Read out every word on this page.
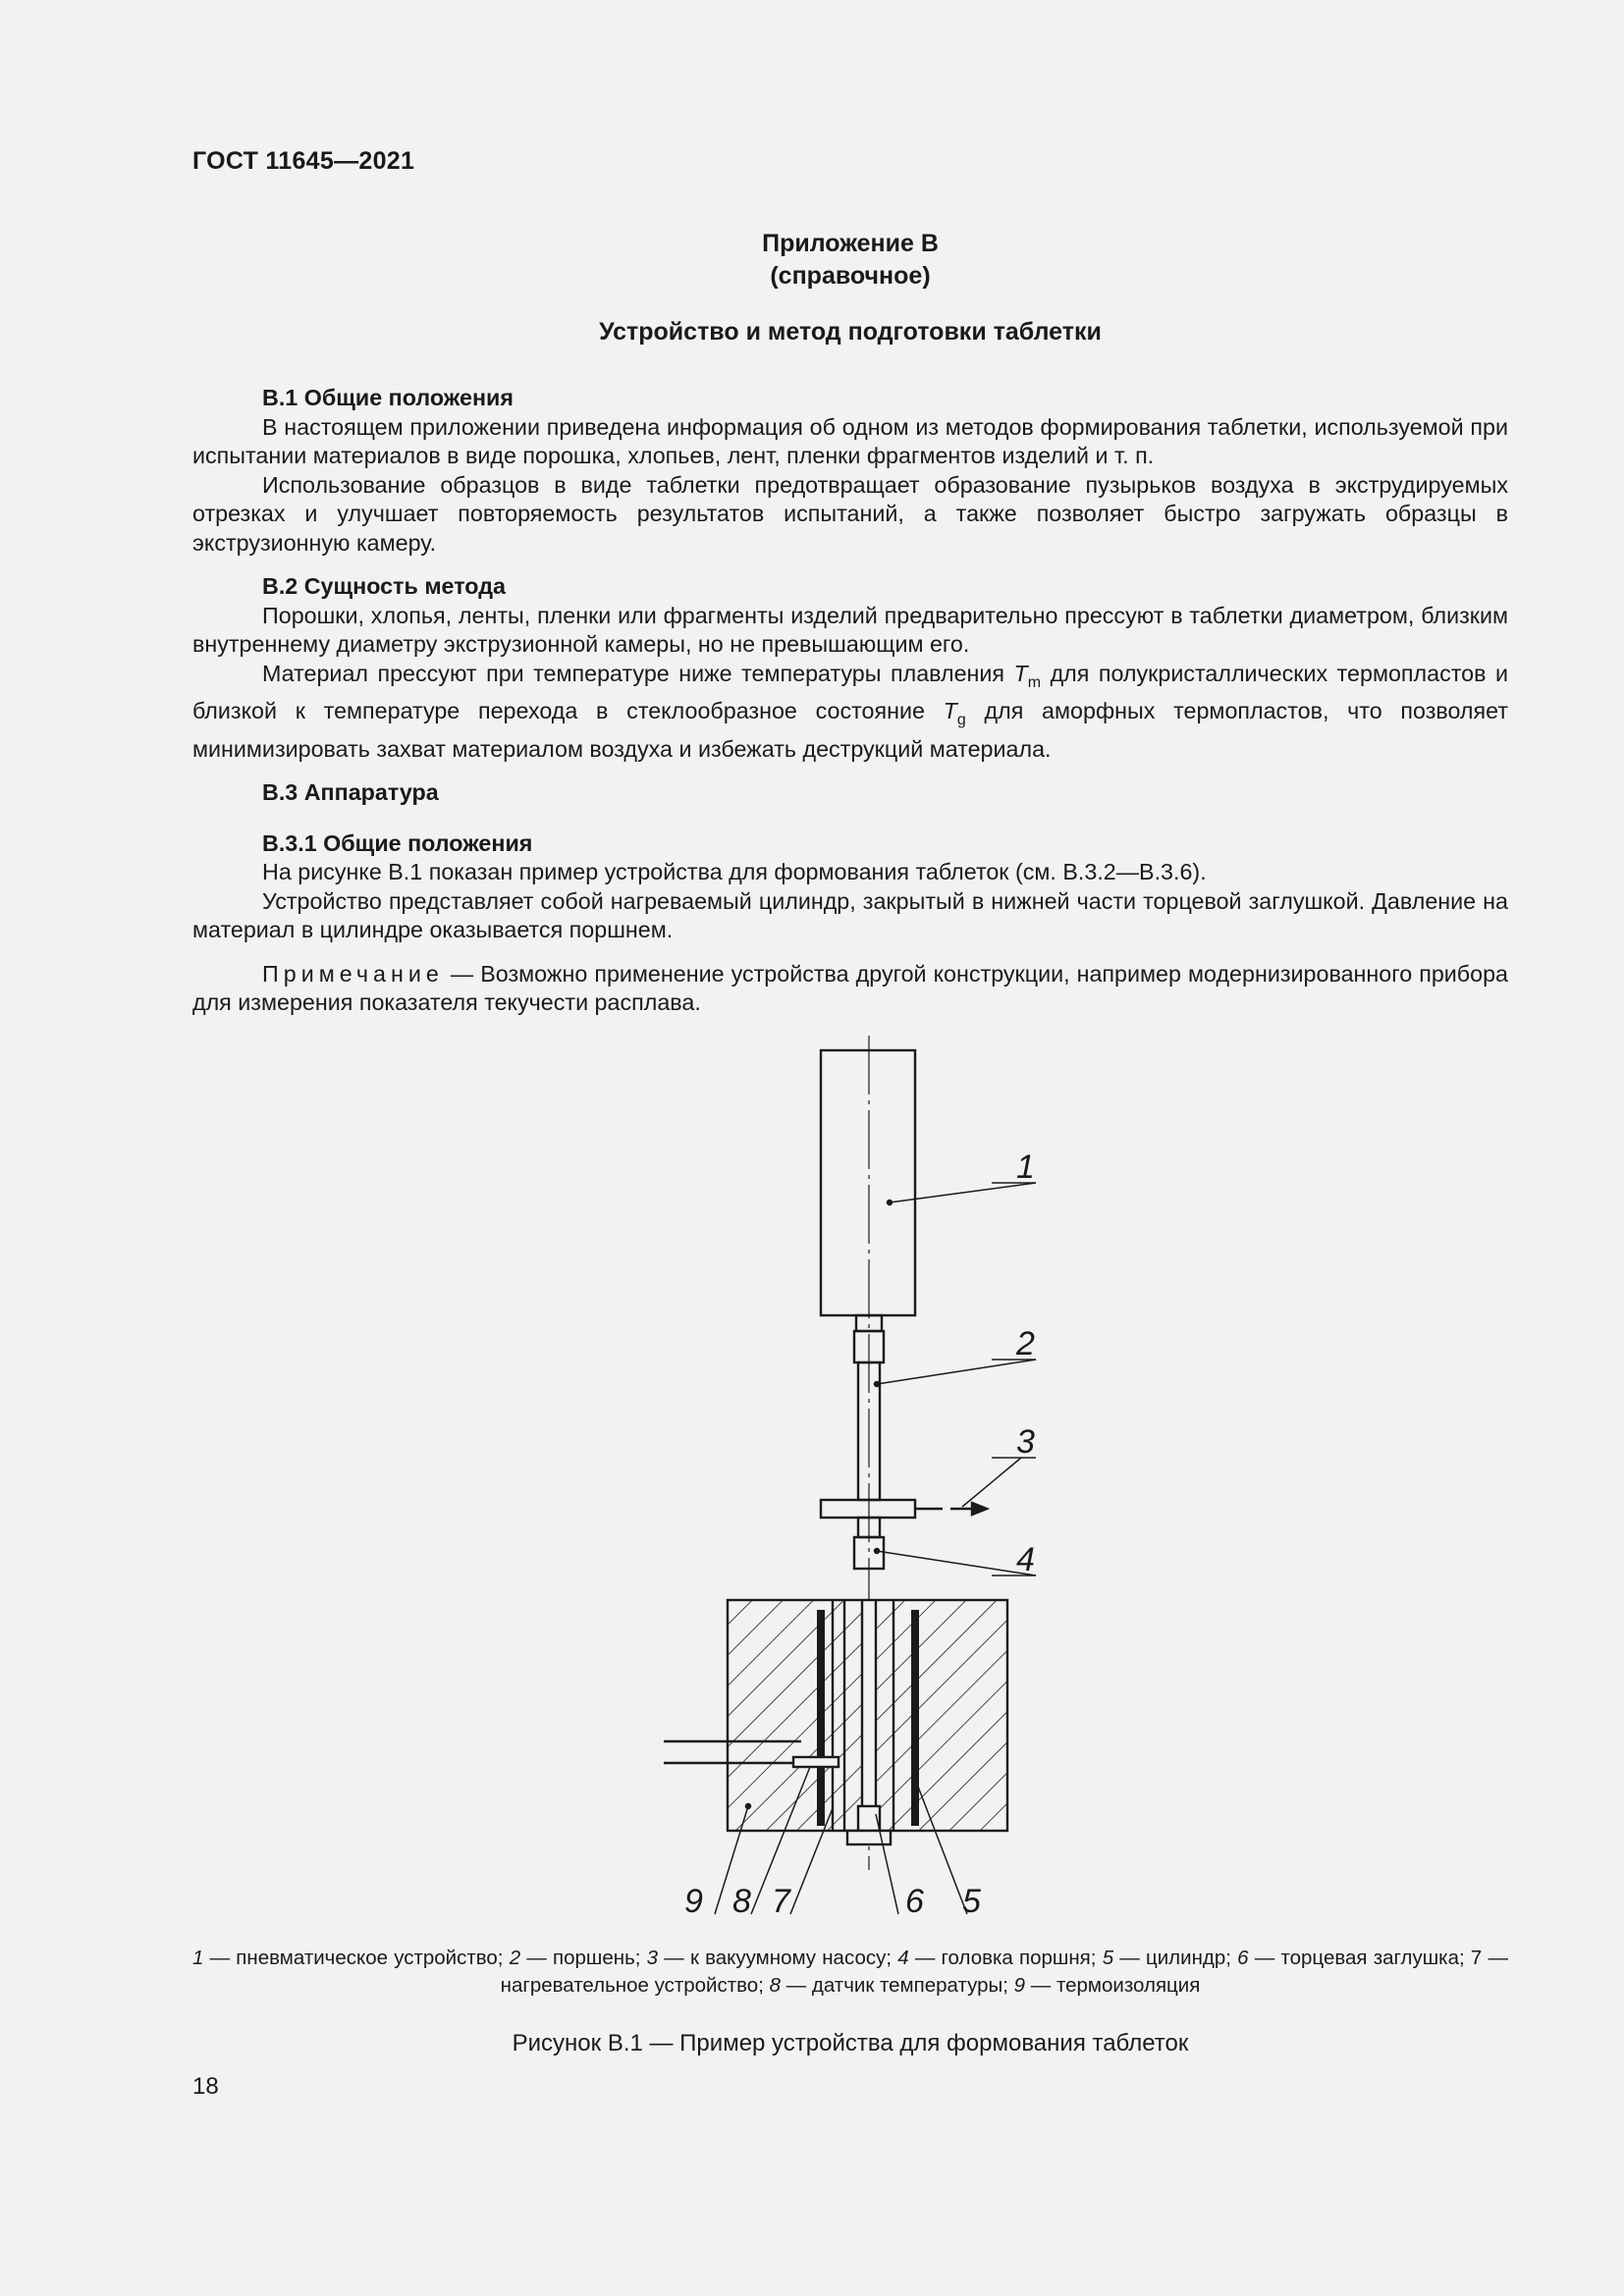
ГОСТ 11645—2021
Приложение В
(справочное)
Устройство и метод подготовки таблетки
В.1 Общие положения

В настоящем приложении приведена информация об одном из методов формирования таблетки, используемой при испытании материалов в виде порошка, хлопьев, лент, пленки фрагментов изделий и т. п.

Использование образцов в виде таблетки предотвращает образование пузырьков воздуха в экструдируемых отрезках и улучшает повторяемость результатов испытаний, а также позволяет быстро загружать образцы в экструзионную камеру.

В.2 Сущность метода

Порошки, хлопья, ленты, пленки или фрагменты изделий предварительно прессуют в таблетки диаметром, близким внутреннему диаметру экструзионной камеры, но не превышающим его.

Материал прессуют при температуре ниже температуры плавления $T_m$ для полукристаллических термопластов и близкой к температуре перехода в стеклообразное состояние $T_g$ для аморфных термопластов, что позволяет минимизировать захват материалом воздуха и избежать деструкций материала.

В.3 Аппаратура
В.3.1 Общие положения

На рисунке В.1 показан пример устройства для формования таблеток (см. В.3.2—В.3.6).

Устройство представляет собой нагреваемый цилиндр, закрытый в нижней части торцевой заглушкой. Давление на материал в цилиндре оказывается поршнем.

Примечание — Возможно применение устройства другой конструкции, например модернизированного прибора для измерения показателя текучести расплава.

1
2
3
4
5
6
7
8
9
1 — пневматическое устройство; 2 — поршень; 3 — к вакуумному насосу; 4 — головка поршня; 5 — цилиндр; 6 — торцевая заглушка; 7 — нагревательное устройство; 8 — датчик температуры; 9 — термоизоляция
Рисунок В.1 — Пример устройства для формования таблеток
18
